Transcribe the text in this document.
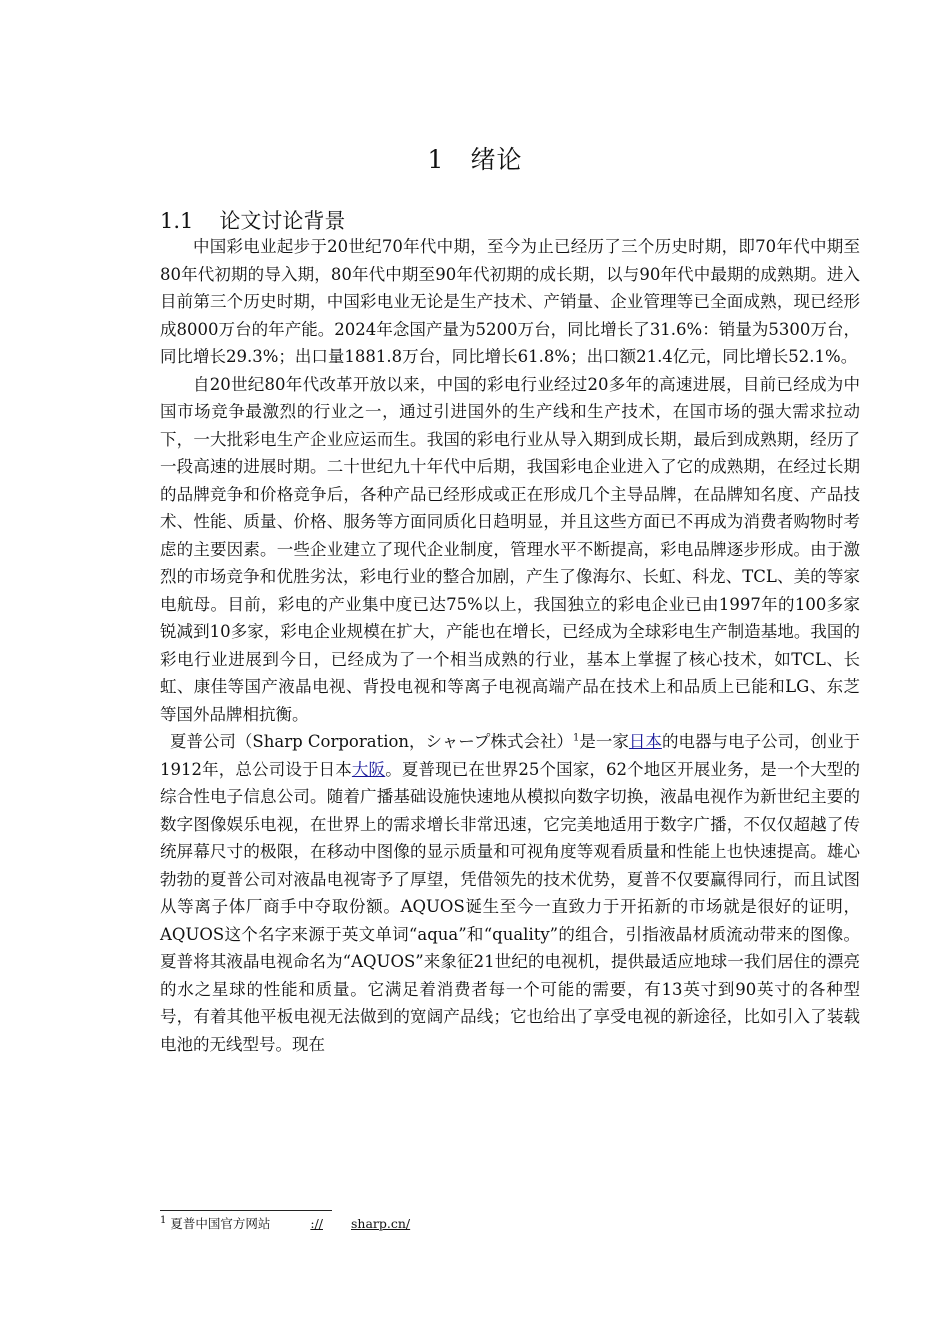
1 绪论
1.1 论文讨论背景

中国彩电业起步于20世纪70年代中期，至今为止已经历了三个历史时期，即70年代中期至80年代初期的导入期，80年代中期至90年代初期的成长期，以与90年代中最期的成熟期。进入目前第三个历史时期，中国彩电业无论是生产技术、产销量、企业管理等已全面成熟，现已经形成8000万台的年产能。2024年念国产量为5200万台，同比增长了31.6%：销量为5300万台，同比增长29.3%；出口量1881.8万台，同比增长61.8%；出口额21.4亿元，同比增长52.1%。

自20世纪80年代改革开放以来，中国的彩电行业经过20多年的高速进展，目前已经成为中国市场竞争最激烈的行业之一，通过引进国外的生产线和生产技术，在国市场的强大需求拉动下，一大批彩电生产企业应运而生。我国的彩电行业从导入期到成长期，最后到成熟期，经历了一段高速的进展时期。二十世纪九十年代中后期，我国彩电企业进入了它的成熟期，在经过长期的品牌竞争和价格竞争后，各种产品已经形成或正在形成几个主导品牌，在品牌知名度、产品技术、性能、质量、价格、服务等方面同质化日趋明显，并且这些方面已不再成为消费者购物时考虑的主要因素。一些企业建立了现代企业制度，管理水平不断提高，彩电品牌逐步形成。由于激烈的市场竞争和优胜劣汰，彩电行业的整合加剧，产生了像海尔、长虹、科龙、TCL、美的等家电航母。目前，彩电的产业集中度已达75%以上，我国独立的彩电企业已由1997年的100多家锐减到10多家，彩电企业规模在扩大，产能也在增长，已经成为全球彩电生产制造基地。我国的彩电行业进展到今日，已经成为了一个相当成熟的行业，基本上掌握了核心技术，如TCL、长虹、康佳等国产液晶电视、背投电视和等离子电视高端产品在技术上和品质上已能和LG、东芝等国外品牌相抗衡。

夏普公司（Sharp Corporation，シャープ株式会社）$^1$是一家日本的电器与电子公司，创业于1912年，总公司设于日本大阪。夏普现已在世界25个国家，62个地区开展业务，是一个大型的综合性电子信息公司。随着广播基础设施快速地从模拟向数字切换，液晶电视作为新世纪主要的数字图像娱乐电视，在世界上的需求增长非常迅速，它完美地适用于数字广播，不仅仅超越了传统屏幕尺寸的极限，在移动中图像的显示质量和可视角度等观看质量和性能上也快速提高。雄心勃勃的夏普公司对液晶电视寄予了厚望，凭借领先的技术优势，夏普不仅要赢得同行，而且试图从等离子体厂商手中夺取份额。AQUOS诞生至今一直致力于开拓新的市场就是很好的证明，AQUOS这个名字来源于英文单词“aqua”和“quality”的组合，引指液晶材质流动带来的图像。夏普将其液晶电视命名为“AQUOS”来象征21世纪的电视机，提供最适应地球一我们居住的漂亮的水之星球的性能和质量。它满足着消费者每一个可能的需要，有13英寸到90英寸的各种型号，有着其他平板电视无法做到的宽阔产品线；它也给出了享受电视的新途径，比如引入了装载电池的无线型号。现在

$^1$ 夏普中国官方网站	:// sharp.cn/
